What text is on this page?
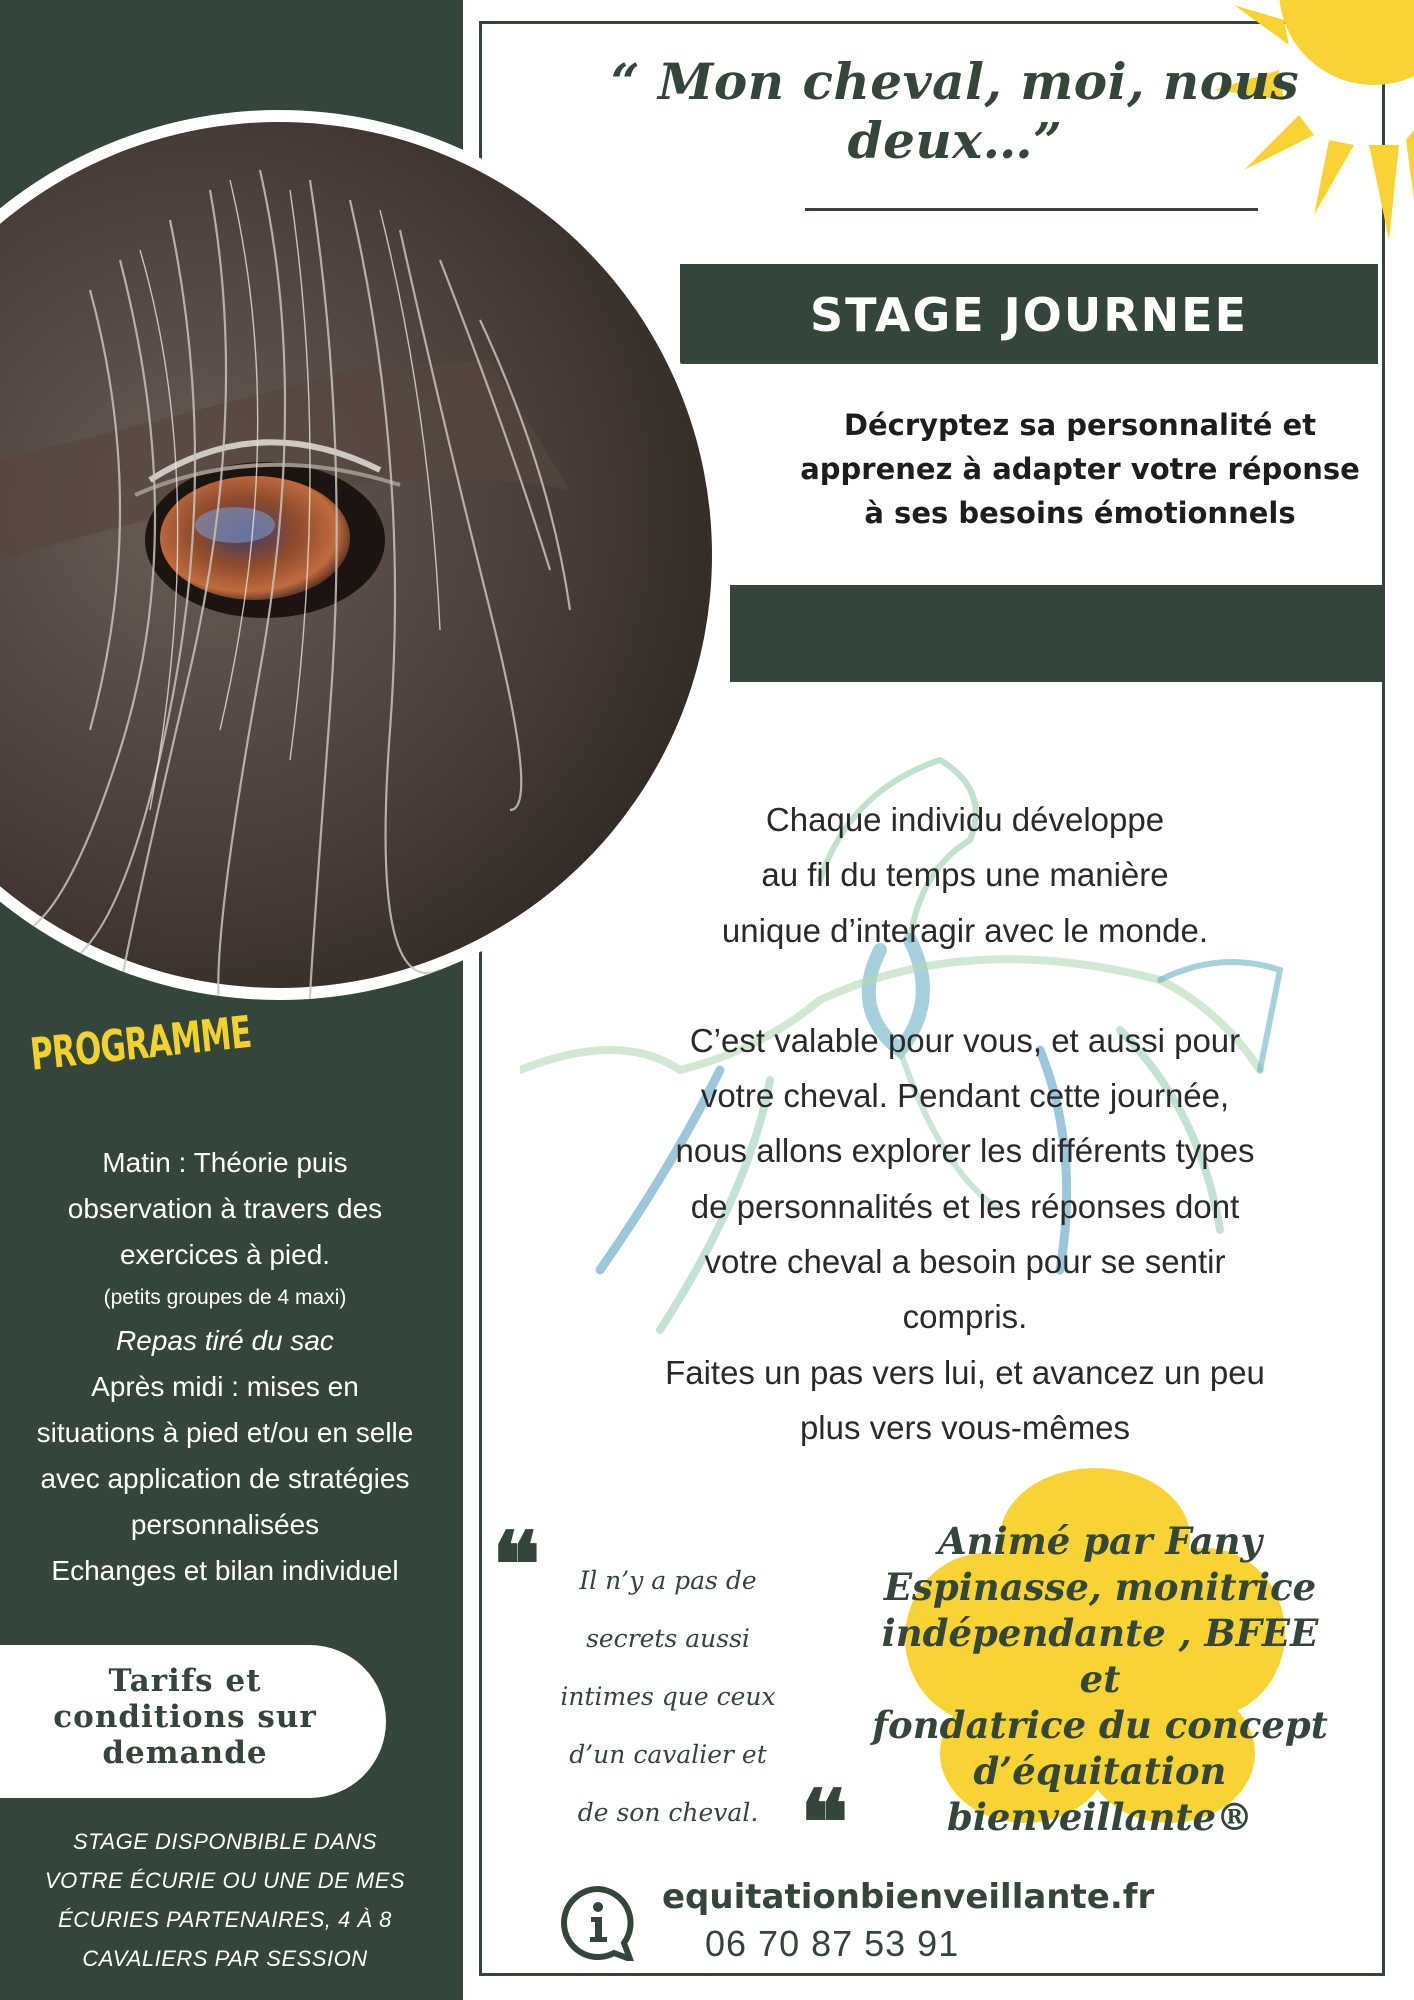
“ Mon cheval, moi, nous deux…”
STAGE JOURNEE
Décryptez sa personnalité et
apprenez à adapter votre réponse
à ses besoins émotionnels

Chaque individu développe

au fil du temps une manière

unique d’interagir avec le monde.

C’est valable pour vous, et aussi pour

votre cheval. Pendant cette journée,

nous allons explorer les différents types

de personnalités et les réponses dont

votre cheval a besoin pour se sentir

compris.

Faites un pas vers lui, et avancez un peu

plus vers vous-mêmes

PROGRAMME
Matin : Théorie puis
observation à travers des
exercices à pied.
(petits groupes de 4 maxi)
Repas tiré du sac
Après midi : mises en
situations à pied et/ou en selle
avec application de stratégies
personnalisées
Echanges et bilan individuel
Tarifs et
conditions sur
demande
STAGE DISPONBIBLE DANS
VOTRE ÉCURIE OU UNE DE MES
ÉCURIES PARTENAIRES, 4 À 8
CAVALIERS PAR SESSION
❝
❝
Il n’y a pas de
secrets aussi
intimes que ceux
d’un cavalier et
de son cheval.
Animé par Fany
Espinasse, monitrice
indépendante , BFEE et
fondatrice du concept
d’équitation
bienveillante®
equitationbienveillante.fr
06 70 87 53 91
